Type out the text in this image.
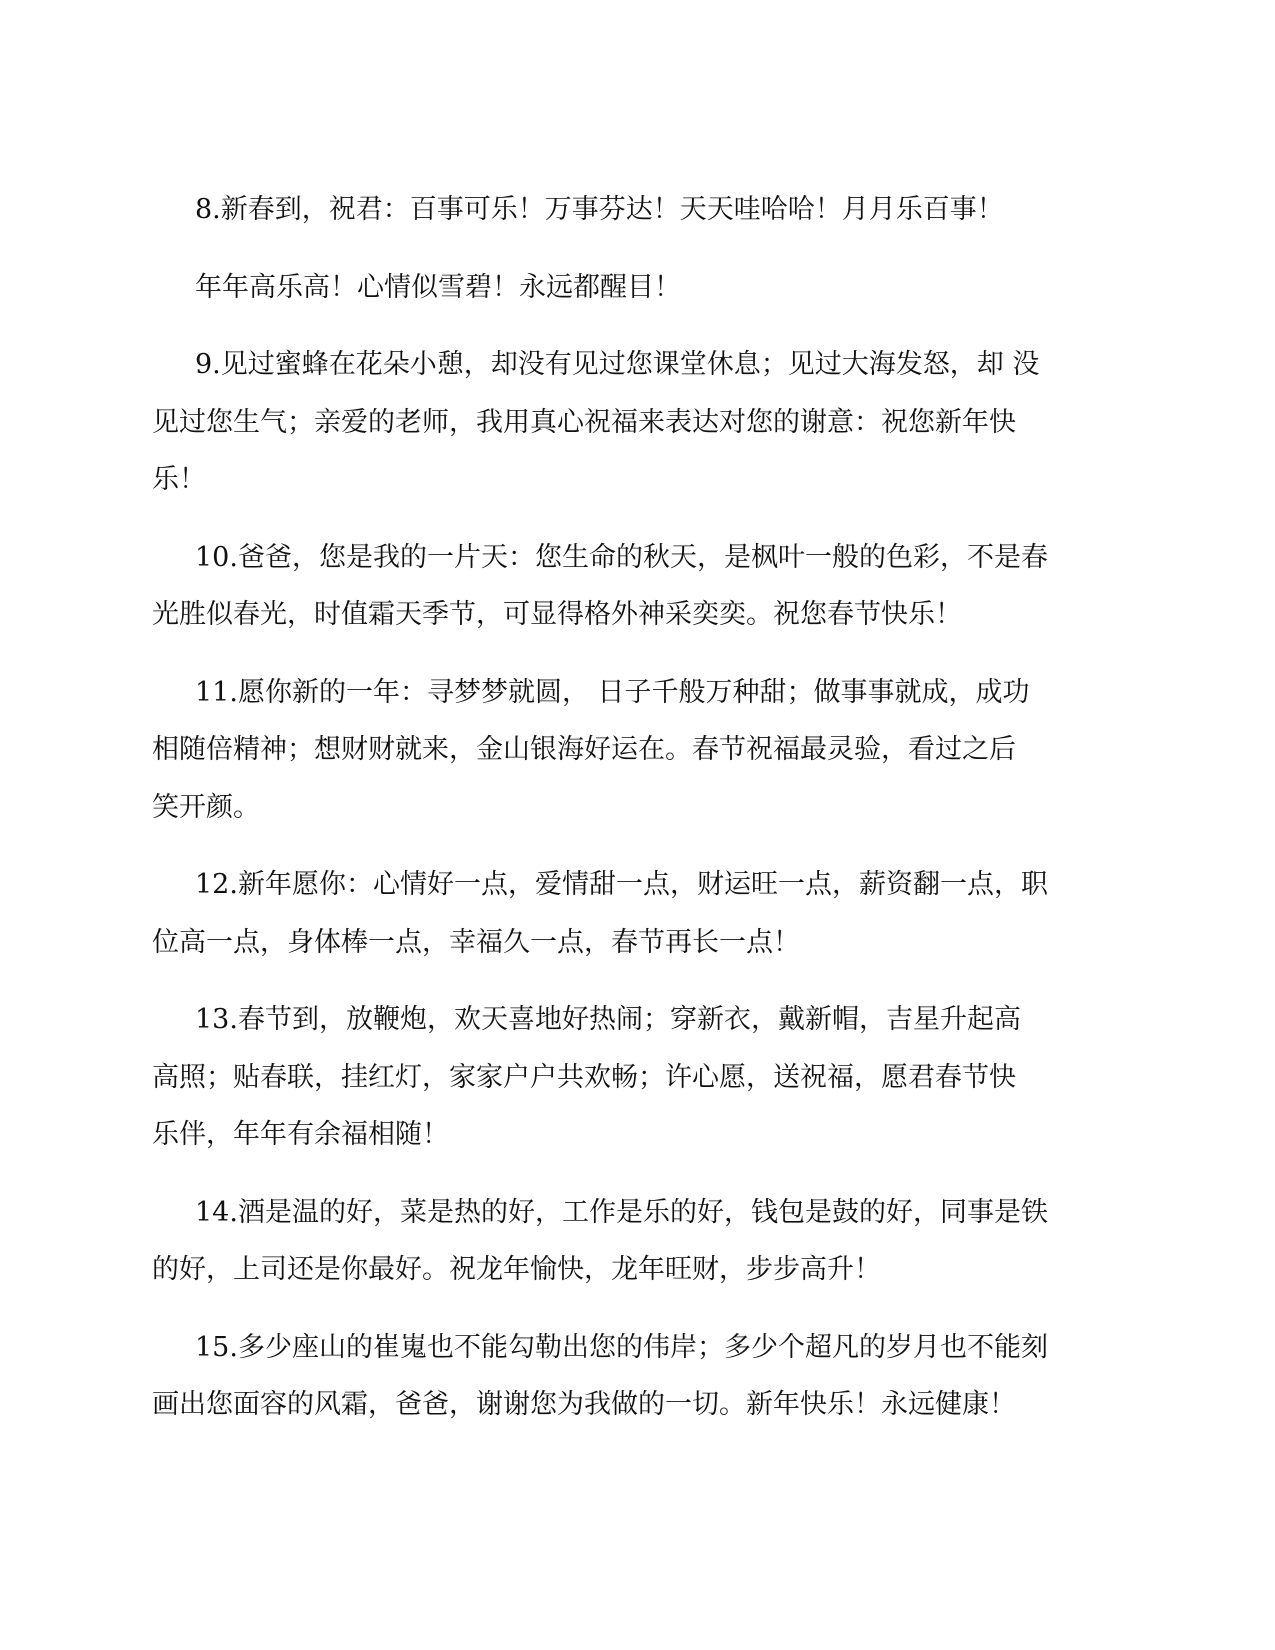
8.新春到，祝君：百事可乐！万事芬达！天天哇哈哈！月月乐百事！

年年高乐高！心情似雪碧！永远都醒目！

9.见过蜜蜂在花朵小憩，却没有见过您课堂休息；见过大海发怒，却 没
见过您生气；亲爱的老师，我用真心祝福来表达对您的谢意：祝您新年快
乐！

10.爸爸，您是我的一片天：您生命的秋天，是枫叶一般的色彩，不是春
光胜似春光，时值霜天季节，可显得格外神采奕奕。祝您春节快乐！

11.愿你新的一年：寻梦梦就圆， 日子千般万种甜；做事事就成，成功
相随倍精神；想财财就来，金山银海好运在。春节祝福最灵验，看过之后
笑开颜。

12.新年愿你：心情好一点，爱情甜一点，财运旺一点，薪资翻一点，职
位高一点，身体棒一点，幸福久一点，春节再长一点！

13.春节到，放鞭炮，欢天喜地好热闹；穿新衣，戴新帽，吉星升起高
高照；贴春联，挂红灯，家家户户共欢畅；许心愿，送祝福，愿君春节快
乐伴，年年有余福相随！

14.酒是温的好，菜是热的好，工作是乐的好，钱包是鼓的好，同事是铁
的好，上司还是你最好。祝龙年愉快，龙年旺财，步步高升！

15.多少座山的崔嵬也不能勾勒出您的伟岸；多少个超凡的岁月也不能刻
画出您面容的风霜，爸爸，谢谢您为我做的一切。新年快乐！永远健康！
